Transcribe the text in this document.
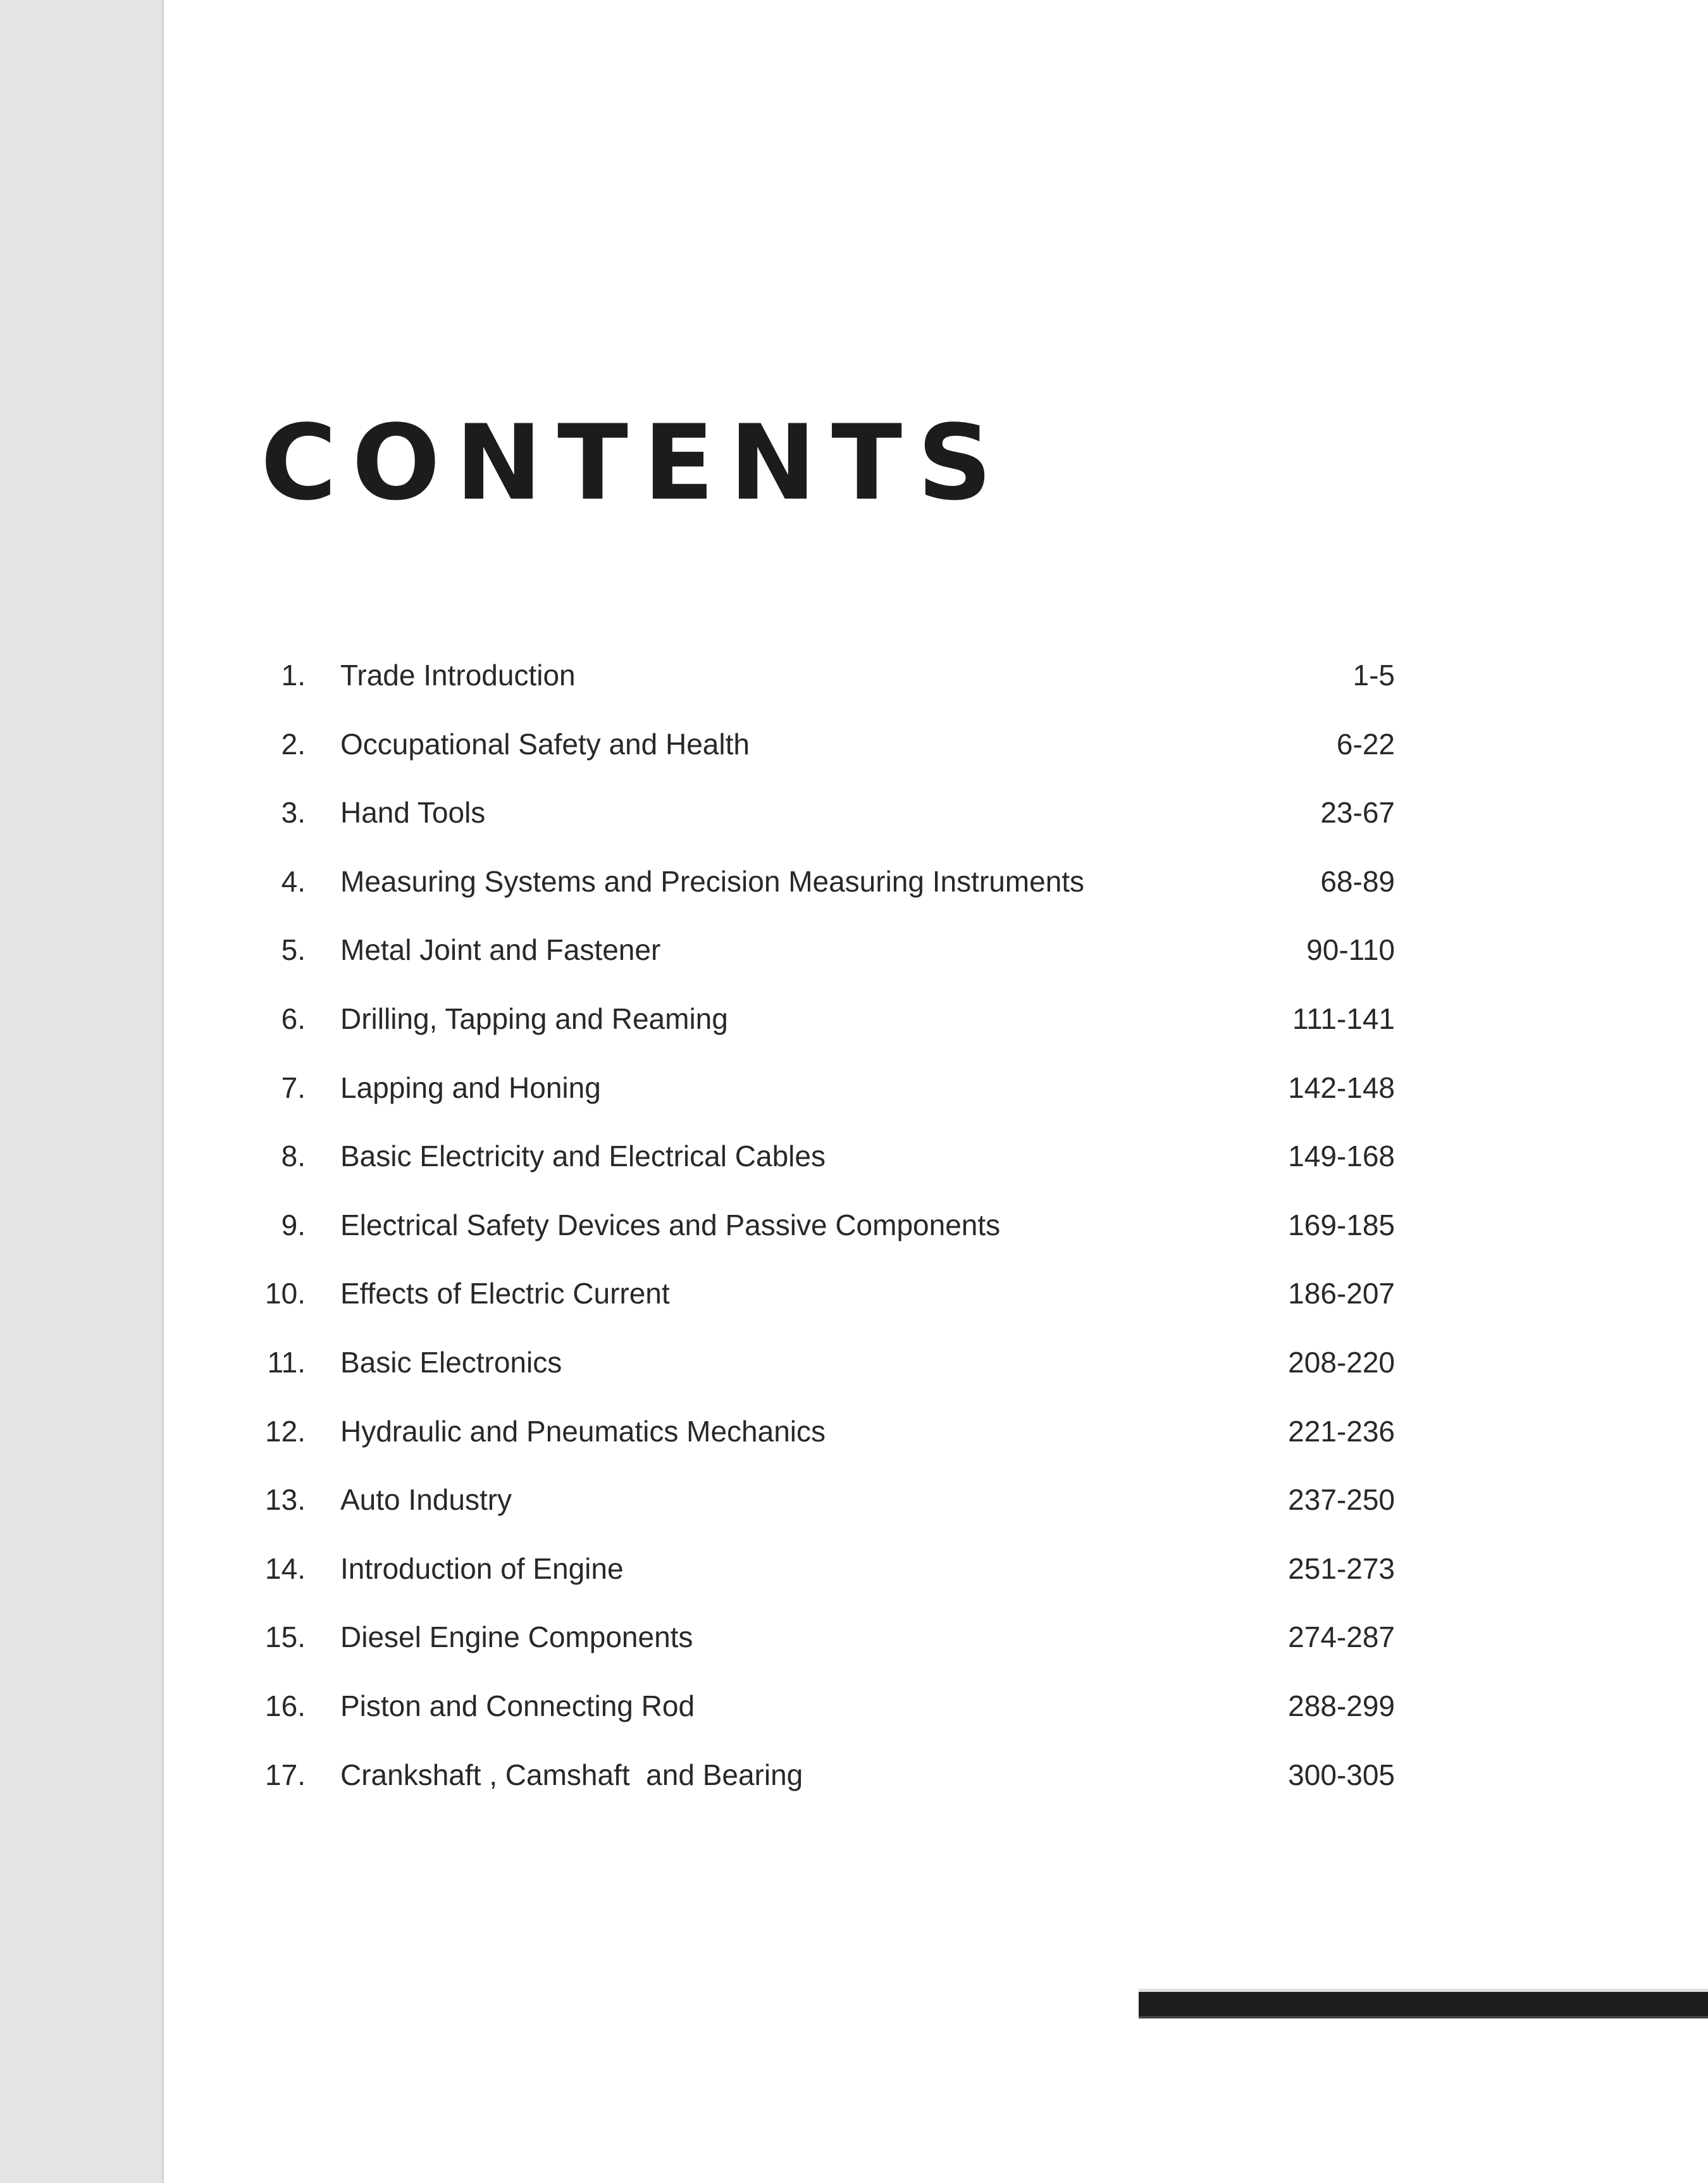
CONTENTS
1. Trade Introduction	1-5
2. Occupational Safety and Health	6-22
3. Hand Tools	23-67
4. Measuring Systems and Precision Measuring Instruments	68-89
5. Metal Joint and Fastener	90-110
6. Drilling, Tapping and Reaming	111-141
7. Lapping and Honing	142-148
8. Basic Electricity and Electrical Cables	149-168
9. Electrical Safety Devices and Passive Components	169-185
10. Effects of Electric Current	186-207
11. Basic Electronics	208-220
12. Hydraulic and Pneumatics Mechanics	221-236
13. Auto Industry	237-250
14. Introduction of Engine	251-273
15. Diesel Engine Components	274-287
16. Piston and Connecting Rod	288-299
17. Crankshaft , Camshaft  and Bearing	300-305
